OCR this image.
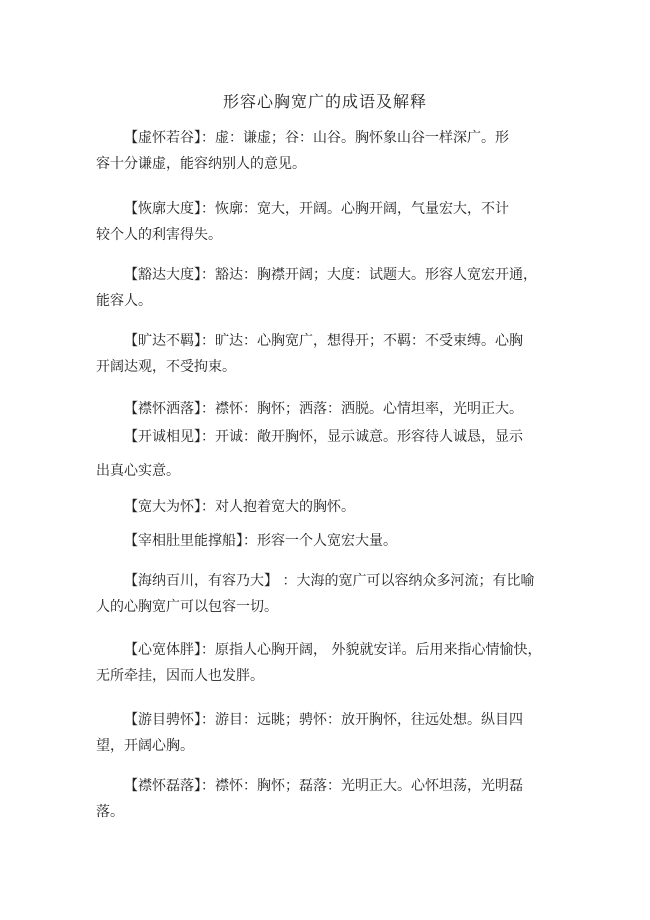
形容心胸宽广的成语及解释
【虚怀若谷】：虚：谦虚；谷：山谷。胸怀象山谷一样深广。形
容十分谦虚，能容纳别人的意见。
【恢廓大度】：恢廓：宽大，开阔。心胸开阔，气量宏大，不计
较个人的利害得失。
【豁达大度】：豁达：胸襟开阔；大度：试题大。形容人宽宏开通，
能容人。
【旷达不羁】：旷达：心胸宽广，想得开；不羁：不受束缚。心胸
开阔达观，不受拘束。
【襟怀洒落】：襟怀：胸怀；洒落：洒脱。心情坦率，光明正大。
【开诚相见】：开诚：敞开胸怀，显示诚意。形容待人诚恳，显示
出真心实意。
【宽大为怀】：对人抱着宽大的胸怀。
【宰相肚里能撑船】：形容一个人宽宏大量。
【海纳百川，有容乃大】 ：大海的宽广可以容纳众多河流；有比喻
人的心胸宽广可以包容一切。
【心宽体胖】：原指人心胸开阔， 外貌就安详。后用来指心情愉快，
无所牵挂，因而人也发胖。
【游目骋怀】：游目：远眺；骋怀：放开胸怀，往远处想。纵目四
望，开阔心胸。
【襟怀磊落】：襟怀：胸怀；磊落：光明正大。心怀坦荡，光明磊
落。
